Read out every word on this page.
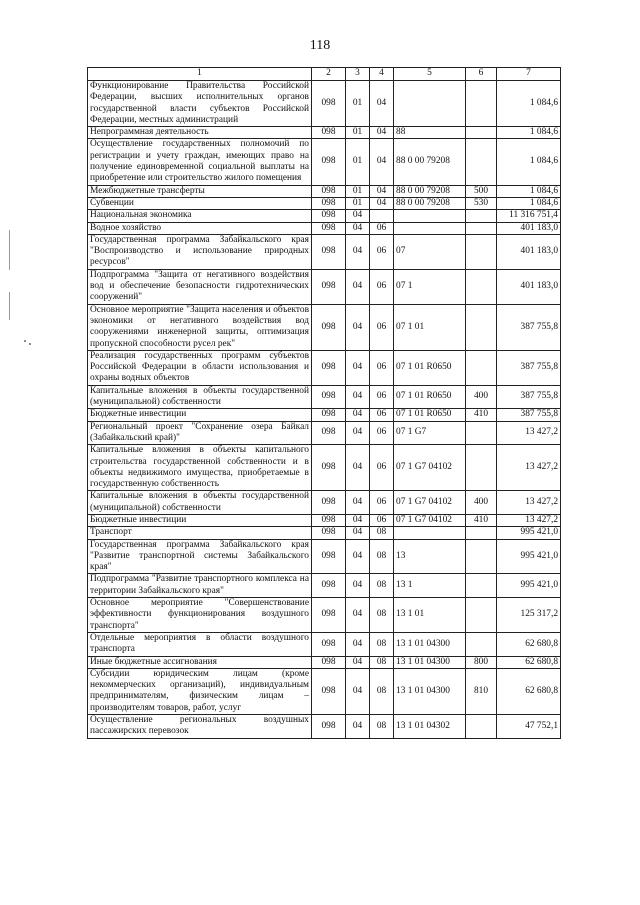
118
1	2	3	4	5	6	7
Функционирование Правительства Российской Федерации, высших исполнительных органов государственной власти субъектов Российской Федерации, местных администраций	098	01	04			1 084,6
Непрограммная деятельность	098	01	04	88		1 084,6
Осуществление государственных полномочий по регистрации и учету граждан, имеющих право на получение единовременной социальной выплаты на приобретение или строительство жилого помещения	098	01	04	88 0 00 79208		1 084,6
Межбюджетные трансферты	098	01	04	88 0 00 79208	500	1 084,6
Субвенции	098	01	04	88 0 00 79208	530	1 084,6
Национальная экономика	098	04				11 316 751,4
Водное хозяйство	098	04	06			401 183,0
Государственная программа Забайкальского края "Воспроизводство и использование природных ресурсов"	098	04	06	07		401 183,0
Подпрограмма "Защита от негативного воздействия вод и обеспечение безопасности гидротехнических сооружений"	098	04	06	07 1		401 183,0
Основное мероприятие "Защита населения и объектов экономики от негативного воздействия вод сооружениями инженерной защиты, оптимизация пропускной способности русел рек"	098	04	06	07 1 01		387 755,8
Реализация государственных программ субъектов Российской Федерации в области использования и охраны водных объектов	098	04	06	07 1 01 R0650		387 755,8
Капитальные вложения в объекты государственной (муниципальной) собственности	098	04	06	07 1 01 R0650	400	387 755,8
Бюджетные инвестиции	098	04	06	07 1 01 R0650	410	387 755,8
Региональный проект "Сохранение озера Байкал (Забайкальский край)"	098	04	06	07 1 G7		13 427,2
Капитальные вложения в объекты капитального строительства государственной собственности и в объекты недвижимого имущества, приобретаемые в государственную собственность	098	04	06	07 1 G7 04102		13 427,2
Капитальные вложения в объекты государственной (муниципальной) собственности	098	04	06	07 1 G7 04102	400	13 427,2
Бюджетные инвестиции	098	04	06	07 1 G7 04102	410	13 427,2
Транспорт	098	04	08			995 421,0
Государственная программа Забайкальского края "Развитие транспортной системы Забайкальского края"	098	04	08	13		995 421,0
Подпрограмма "Развитие транспортного комплекса на территории Забайкальского края"	098	04	08	13 1		995 421,0
Основное мероприятие "Совершенствование эффективности функционирования воздушного транспорта"	098	04	08	13 1 01		125 317,2
Отдельные мероприятия в области воздушного транспорта	098	04	08	13 1 01 04300		62 680,8
Иные бюджетные ассигнования	098	04	08	13 1 01 04300	800	62 680,8
Субсидии юридическим лицам (кроме некоммерческих организаций), индивидуальным предпринимателям, физическим лицам – производителям товаров, работ, услуг	098	04	08	13 1 01 04300	810	62 680,8
Осуществление региональных воздушных пассажирских перевозок	098	04	08	13 1 01 04302		47 752,1
